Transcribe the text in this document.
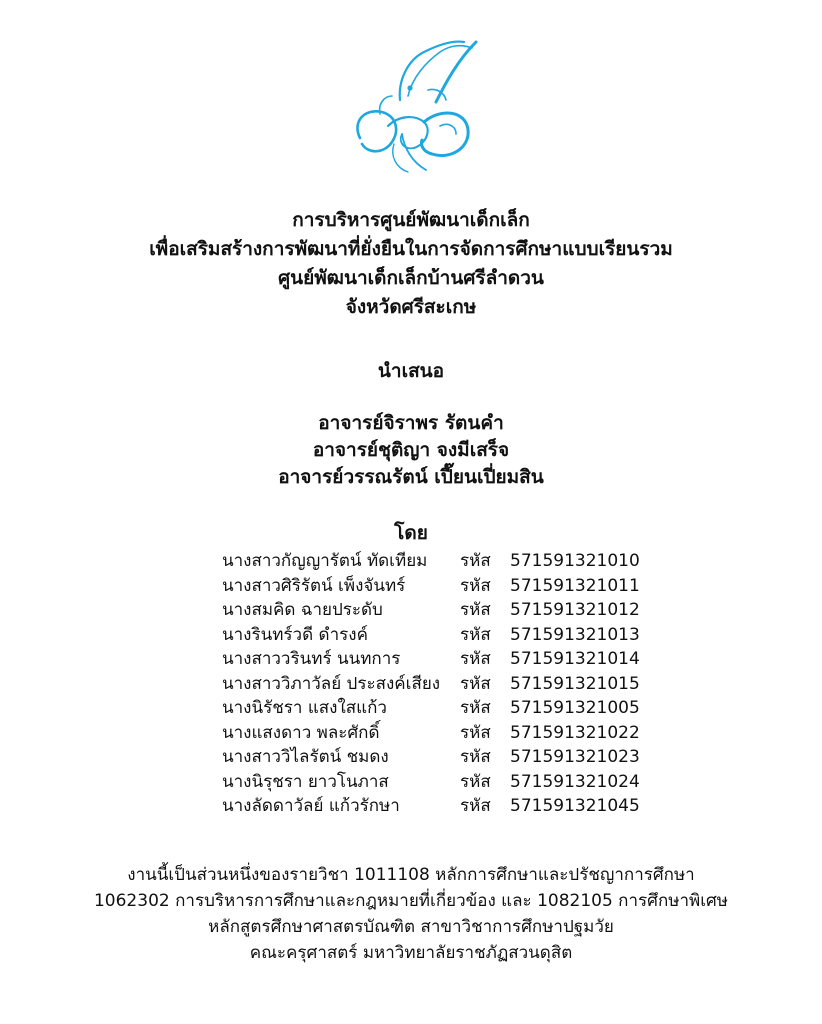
การบริหารศูนย์พัฒนาเด็กเล็ก
เพื่อเสริมสร้างการพัฒนาที่ยั่งยืนในการจัดการศึกษาแบบเรียนรวม
ศูนย์พัฒนาเด็กเล็กบ้านศรีลำดวน
จังหวัดศรีสะเกษ
นำเสนอ
อาจารย์จิราพร รัตนคำ
อาจารย์ชุติญา จงมีเสร็จ
อาจารย์วรรณรัตน์ เปี๊ยนเปี่ยมสิน
โดย
นางสาวกัญญารัตน์ ทัดเทียม รหัส 571591321010
นางสาวศิริรัตน์ เพ็งจันทร์	รหัส 571591321011
นางสมคิด ฉายประดับ	รหัส 571591321012
นางรินทร์วดี ดำรงค์	รหัส 571591321013
นางสาววรินทร์ นนทการ	รหัส 571591321014
นางสาววิภาวัลย์ ประสงค์เสียง รหัส 571591321015
นางนิรัชรา แสงใสแก้ว	รหัส 571591321005
นางแสงดาว พละศักดิ์	รหัส 571591321022
นางสาววิไลรัตน์ ชมดง	รหัส 571591321023
นางนิรุชรา ยาวโนภาส	รหัส 571591321024
นางลัดดาวัลย์ แก้วรักษา	รหัส 571591321045
งานนี้เป็นส่วนหนึ่งของรายวิชา 1011108 หลักการศึกษาและปรัชญาการศึกษา
1062302 การบริหารการศึกษาและกฎหมายที่เกี่ยวข้อง และ 1082105 การศึกษาพิเศษ
หลักสูตรศึกษาศาสตรบัณฑิต สาขาวิชาการศึกษาปฐมวัย
คณะครุศาสตร์ มหาวิทยาลัยราชภัฏสวนดุสิต
